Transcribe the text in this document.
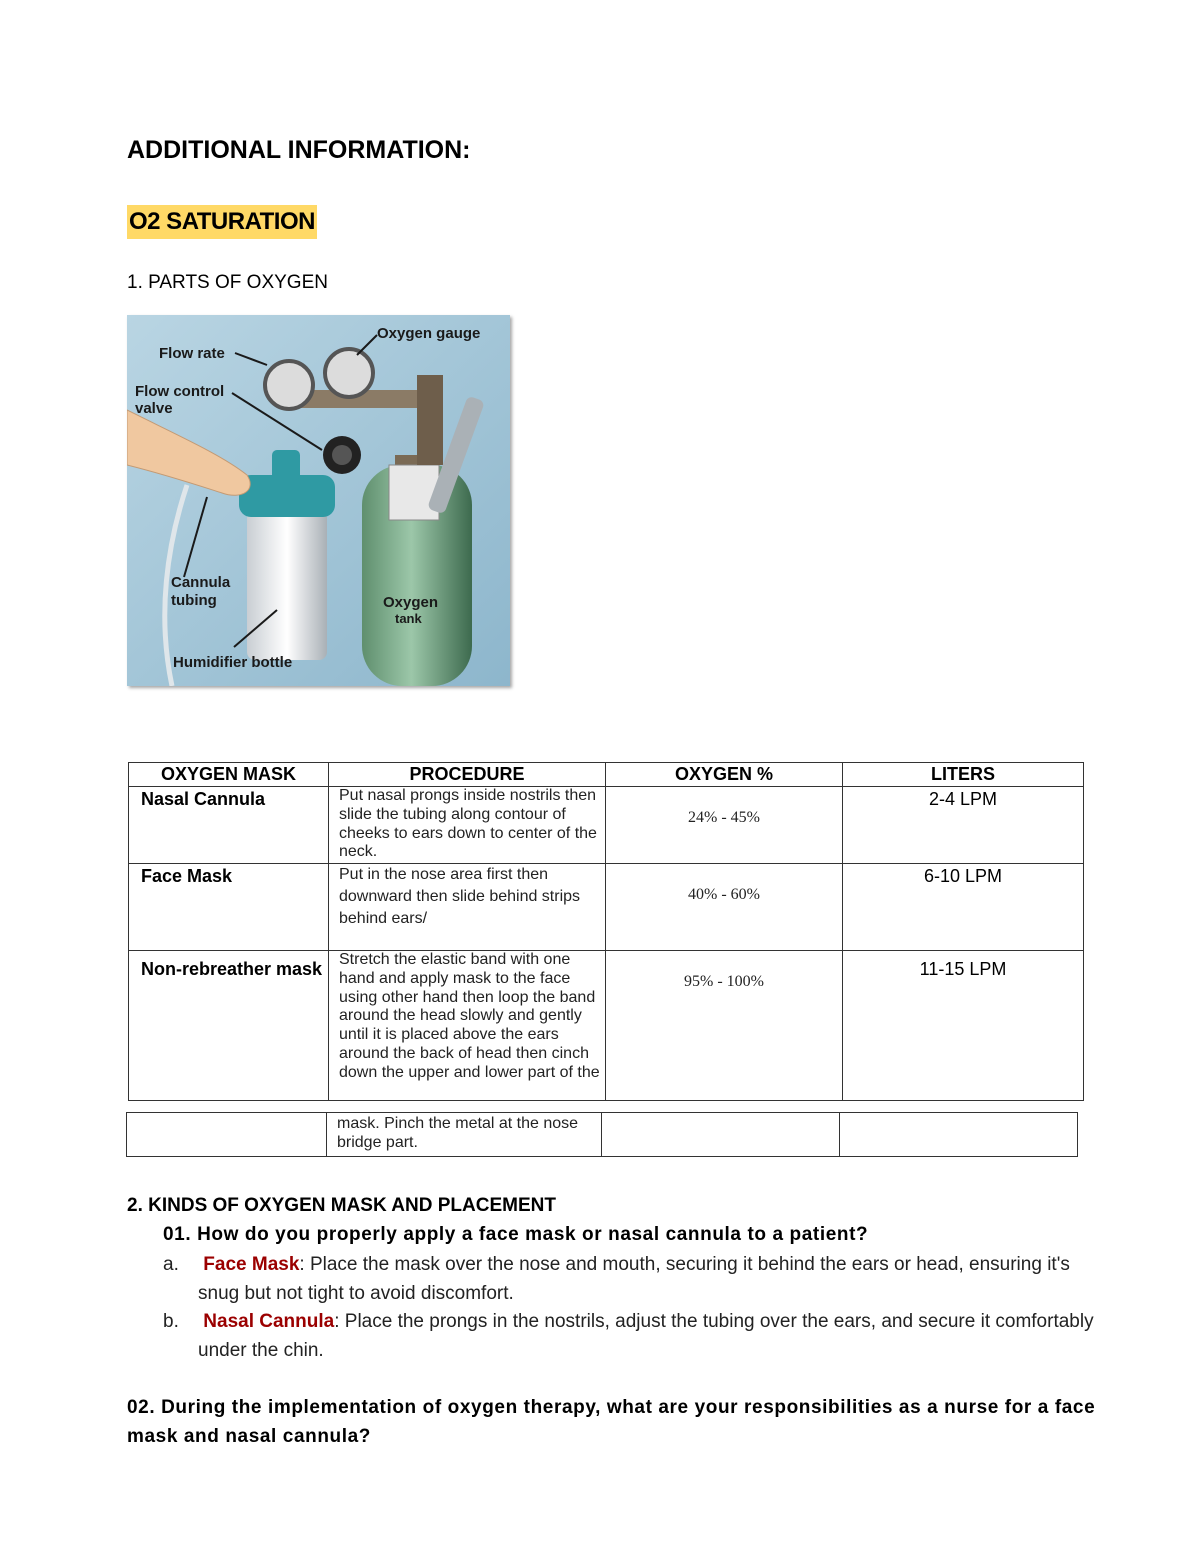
ADDITIONAL INFORMATION:
O2 SATURATION
1. PARTS OF OXYGEN
Flow rate
Oxygen gauge
Flow control
valve
Cannula
tubing	Oxygen
tank
Humidifier bottle
OXYGEN MASK	PROCEDURE	OXYGEN %	LITERS
Nasal Cannula	Put nasal prongs inside nostrils then slide the tubing along contour of cheeks to ears down to center of the neck.	24% - 45%	2-4 LPM
Face Mask	Put in the nose area first then downward then slide behind strips behind ears/	40% - 60%	6-10 LPM
Non-rebreather mask	Stretch the elastic band with one hand and apply mask to the face using other hand then loop the band around the head slowly and gently until it is placed above the ears around the back of head then cinch down the upper and lower part of the	95% - 100%	11-15 LPM
	mask. Pinch the metal at the nose bridge part.		
2. KINDS OF OXYGEN MASK AND PLACEMENT
01. How do you properly apply a face mask or nasal cannula to a patient?
a. Face Mask: Place the mask over the nose and mouth, securing it behind the ears or head, ensuring it's snug but not tight to avoid discomfort.
b. Nasal Cannula: Place the prongs in the nostrils, adjust the tubing over the ears, and secure it comfortably under the chin.
02. During the implementation of oxygen therapy, what are your responsibilities as a nurse for a face mask and nasal cannula?
